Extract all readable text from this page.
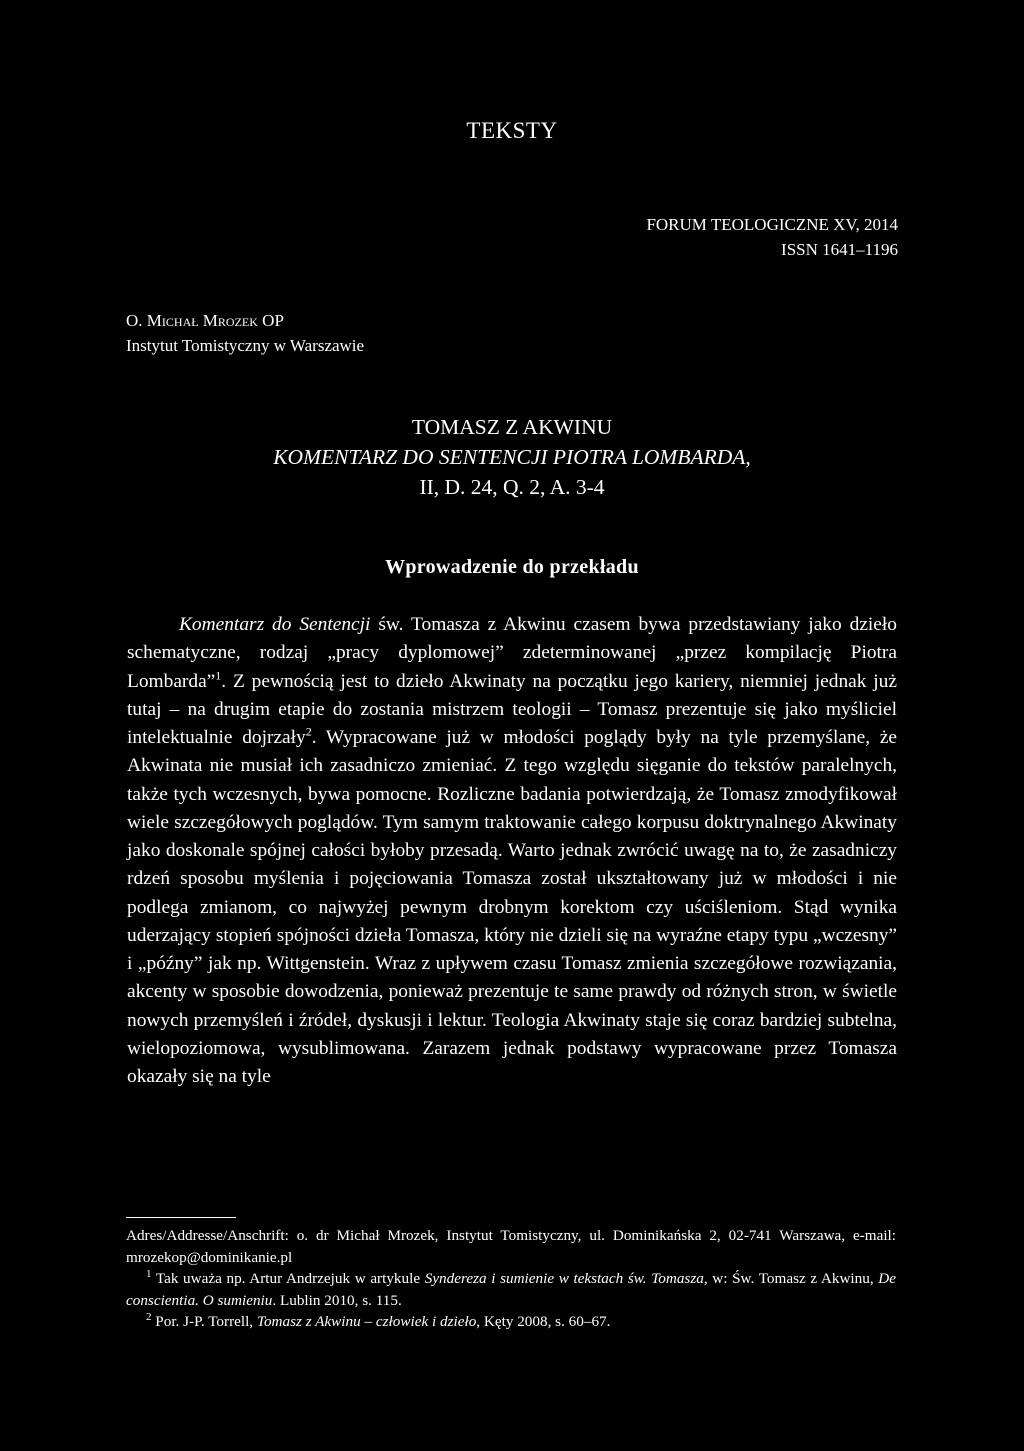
TEKSTY
FORUM TEOLOGICZNE XV, 2014
ISSN 1641–1196
O. Michał Mrozek OP
Instytut Tomistyczny w Warszawie
TOMASZ Z AKWINU
KOMENTARZ DO SENTENCJI PIOTRA LOMBARDA,
II, D. 24, Q. 2, A. 3-4
Wprowadzenie do przekładu

Komentarz do Sentencji św. Tomasza z Akwinu czasem bywa przedstawiany jako dzieło schematyczne, rodzaj „pracy dyplomowej” zdeterminowanej „przez kompilację Piotra Lombarda”$^1$. Z pewnością jest to dzieło Akwinaty na początku jego kariery, niemniej jednak już tutaj – na drugim etapie do zostania mistrzem teologii – Tomasz prezentuje się jako myśliciel intelektualnie dojrzały$^2$. Wypracowane już w młodości poglądy były na tyle przemyślane, że Akwinata nie musiał ich zasadniczo zmieniać. Z tego względu sięganie do tekstów paralelnych, także tych wczesnych, bywa pomocne. Rozliczne badania potwierdzają, że Tomasz zmodyfikował wiele szczegółowych poglądów. Tym samym traktowanie całego korpusu doktrynalnego Akwinaty jako doskonale spójnej całości byłoby przesadą. Warto jednak zwrócić uwagę na to, że zasadniczy rdzeń sposobu myślenia i pojęciowania Tomasza został ukształtowany już w młodości i nie podlega zmianom, co najwyżej pewnym drobnym korektom czy uściśleniom. Stąd wynika uderzający stopień spójności dzieła Tomasza, który nie dzieli się na wyraźne etapy typu „wczesny” i „późny” jak np. Wittgenstein. Wraz z upływem czasu Tomasz zmienia szczegółowe rozwiązania, akcenty w sposobie dowodzenia, ponieważ prezentuje te same prawdy od różnych stron, w świetle nowych przemyśleń i źródeł, dyskusji i lektur. Teologia Akwinaty staje się coraz bardziej subtelna, wielopoziomowa, wysublimowana. Zarazem jednak podstawy wypracowane przez Tomasza okazały się na tyle

Adres/Addresse/Anschrift: o. dr Michał Mrozek, Instytut Tomistyczny, ul. Dominikańska 2, 02-741 Warszawa, e-mail: mrozekop@dominikanie.pl

$^1$ Tak uważa np. Artur Andrzejuk w artykule Syndereza i sumienie w tekstach św. Tomasza, w: Św. Tomasz z Akwinu, De conscientia. O sumieniu. Lublin 2010, s. 115.

$^2$ Por. J-P. Torrell, Tomasz z Akwinu – człowiek i dzieło, Kęty 2008, s. 60–67.
